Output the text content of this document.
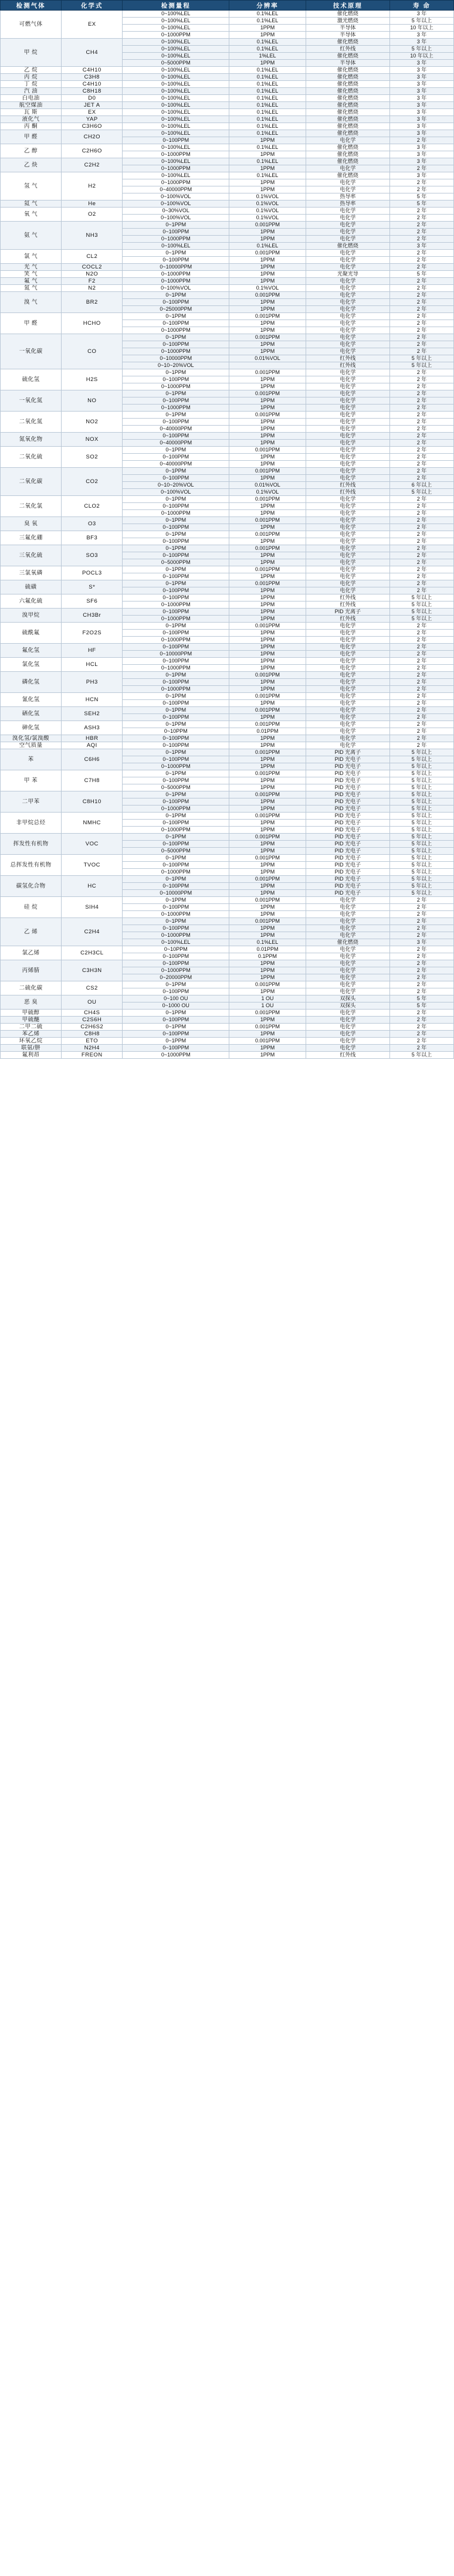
检测气体	化学式	检测量程	分辨率	技术原理	寿 命
可燃气体	EX	0~100%LEL	0.1%LEL	催化燃烧	3 年
		0~100%LEL	0.1%LEL	激光燃烧	5 年以上
		0~100%LEL	1PPM	半导体	10 年以上
		0~1000PPM	1PPM	半导体	3 年
甲 烷	CH4	0~100%LEL	0.1%LEL	催化燃烧	3 年
		0~100%LEL	0.1%LEL	红外线	5 年以上
		0~100%LEL	1%LEL	催化燃烧	10 年以上
		0~5000PPM	1PPM	半导体	3 年
乙 烷	C4H10	0~100%LEL	0.1%LEL	催化燃烧	3 年
丙 烷	C3H8	0~100%LEL	0.1%LEL	催化燃烧	3 年
丁 烷	C4H10	0~100%LEL	0.1%LEL	催化燃烧	3 年
汽 油	C8H18	0~100%LEL	0.1%LEL	催化燃烧	3 年
白电油	D0	0~100%LEL	0.1%LEL	催化燃烧	3 年
航空煤油	JET A	0~100%LEL	0.1%LEL	催化燃烧	3 年
瓦 斯	EX	0~100%LEL	0.1%LEL	催化燃烧	3 年
液化气	YAP	0~100%LEL	0.1%LEL	催化燃烧	3 年
丙 酮	C3H6O	0~100%LEL	0.1%LEL	催化燃烧	3 年
甲 醛	CH2O	0~100%LEL	0.1%LEL	催化燃烧	3 年
		0~100PPM	1PPM	电化学	2 年
乙 醇	C2H6O	0~100%LEL	0.1%LEL	催化燃烧	3 年
		0~1000PPM	1PPM	催化燃烧	3 年
乙 炔	C2H2	0~100%LEL	0.1%LEL	催化燃烧	3 年
		0~1000PPM	1PPM	电化学	2 年
氢 气	H2	0~100%LEL	0.1%LEL	催化燃烧	3 年
		0~1000PPM	1PPM	电化学	2 年
		0~40000PPM	1PPM	电化学	2 年
		0~100%VOL	0.1%VOL	热导率	5 年
氦 气	He	0~100%VOL	0.1%VOL	热导率	5 年
氧 气	O2	0~30%VOL	0.1%VOL	电化学	2 年
		0~100%VOL	0.1%VOL	电化学	2 年
氨 气	NH3	0~1PPM	0.001PPM	电化学	2 年
		0~100PPM	1PPM	电化学	2 年
		0~1000PPM	1PPM	电化学	2 年
		0~100%LEL	0.1%LEL	催化燃烧	3 年
氯 气	CL2	0~1PPM	0.001PPM	电化学	2 年
		0~100PPM	1PPM	电化学	2 年
光 气	COCL2	0~10000PPM	1PPM	电化学	2 年
笑 气	N2O	0~1000PPM	1PPM	光聚光导	5 年
氟 气	F2	0~1000PPM	1PPM	电化学	2 年
氮 气	N2	0~100%VOL	0.1%VOL	电化学	2 年
溴 气	BR2	0~1PPM	0.001PPM	电化学	2 年
		0~100PPM	1PPM	电化学	2 年
		0~25000PPM	1PPM	电化学	2 年
甲 醛	HCHO	0~1PPM	0.001PPM	电化学	2 年
		0~100PPM	1PPM	电化学	2 年
		0~1000PPM	1PPM	电化学	2 年
一氧化碳	CO	0~1PPM	0.001PPM	电化学	2 年
		0~100PPM	1PPM	电化学	2 年
		0~1000PPM	1PPM	电化学	2 年
		0~10000PPM	0.01%VOL	红外线	5 年以上
		0~10~20%VOL		红外线	5 年以上
硫化氢	H2S	0~1PPM	0.001PPM	电化学	2 年
		0~100PPM	1PPM	电化学	2 年
		0~1000PPM	1PPM	电化学	2 年
一氧化氮	NO	0~1PPM	0.001PPM	电化学	2 年
		0~100PPM	1PPM	电化学	2 年
		0~1000PPM	1PPM	电化学	2 年
二氧化氮	NO2	0~1PPM	0.001PPM	电化学	2 年
		0~100PPM	1PPM	电化学	2 年
		0~40000PPM	1PPM	电化学	2 年
氮氧化物	NOX	0~100PPM	1PPM	电化学	2 年
		0~40000PPM	1PPM	电化学	2 年
二氧化硫	SO2	0~1PPM	0.001PPM	电化学	2 年
		0~100PPM	1PPM	电化学	2 年
		0~40000PPM	1PPM	电化学	2 年
二氧化碳	CO2	0~1PPM	0.001PPM	电化学	2 年
		0~100PPM	1PPM	电化学	2 年
		0~10~20%VOL	0.01%VOL	红外线	6 年以上
		0~100%VOL	0.1%VOL	红外线	5 年以上
二氧化氯	CLO2	0~1PPM	0.001PPM	电化学	2 年
		0~100PPM	1PPM	电化学	2 年
		0~1000PPM	1PPM	电化学	2 年
臭 氧	O3	0~1PPM	0.001PPM	电化学	2 年
		0~100PPM	1PPM	电化学	2 年
三氟化硼	BF3	0~1PPM	0.001PPM	电化学	2 年
		0~100PPM	1PPM	电化学	2 年
三氧化硫	SO3	0~1PPM	0.001PPM	电化学	2 年
		0~100PPM	1PPM	电化学	2 年
		0~5000PPM	1PPM	电化学	2 年
三氯氧磷	POCL3	0~1PPM	0.001PPM	电化学	2 年
		0~100PPM	1PPM	电化学	2 年
硫磺	S*	0~1PPM	0.001PPM	电化学	2 年
		0~100PPM	1PPM	电化学	2 年
六氟化硫	SF6	0~100PPM	1PPM	红外线	5 年以上
		0~1000PPM	1PPM	红外线	5 年以上
溴甲烷	CH3Br	0~100PPM	1PPM	PID 光离子	5 年以上
		0~1000PPM	1PPM	红外线	5 年以上
硫酰氟	F2O2S	0~1PPM	0.001PPM	电化学	2 年
		0~100PPM	1PPM	电化学	2 年
		0~1000PPM	1PPM	电化学	2 年
氟化氢	HF	0~100PPM	1PPM	电化学	2 年
		0~10000PPM	1PPM	电化学	2 年
氯化氢	HCL	0~100PPM	1PPM	电化学	2 年
		0~1000PPM	1PPM	电化学	2 年
磷化氢	PH3	0~1PPM	0.001PPM	电化学	2 年
		0~100PPM	1PPM	电化学	2 年
		0~1000PPM	1PPM	电化学	2 年
氰化氢	HCN	0~1PPM	0.001PPM	电化学	2 年
		0~100PPM	1PPM	电化学	2 年
硒化氢	SEH2	0~1PPM	0.001PPM	电化学	2 年
		0~100PPM	1PPM	电化学	2 年
砷化氢	ASH3	0~1PPM	0.001PPM	电化学	2 年
		0~10PPM	0.01PPM	电化学	2 年
溴化氢/氯溴酸	HBR	0~100PPM	1PPM	电化学	2 年
空气质量	AQI	0~100PPM	1PPM	电化学	2 年
苯	C6H6	0~1PPM	0.001PPM	PID 光离子	5 年以上
		0~100PPM	1PPM	PID 光电子	5 年以上
		0~1000PPM	1PPM	PID 光电子	5 年以上
甲 苯	C7H8	0~1PPM	0.001PPM	PID 光电子	5 年以上
		0~100PPM	1PPM	PID 光电子	5 年以上
		0~5000PPM	1PPM	PID 光电子	5 年以上
二甲苯	C8H10	0~1PPM	0.001PPM	PID 光电子	5 年以上
		0~100PPM	1PPM	PID 光电子	5 年以上
		0~1000PPM	1PPM	PID 光电子	5 年以上
非甲烷总烃	NMHC	0~1PPM	0.001PPM	PID 光电子	5 年以上
		0~100PPM	1PPM	PID 光电子	5 年以上
		0~1000PPM	1PPM	PID 光电子	5 年以上
挥发性有机物	VOC	0~1PPM	0.001PPM	PID 光电子	5 年以上
		0~100PPM	1PPM	PID 光电子	5 年以上
		0~5000PPM	1PPM	PID 光电子	5 年以上
总挥发性有机物	TVOC	0~1PPM	0.001PPM	PID 光电子	5 年以上
		0~100PPM	1PPM	PID 光电子	5 年以上
		0~1000PPM	1PPM	PID 光电子	5 年以上
碳氢化合物	HC	0~1PPM	0.001PPM	PID 光电子	5 年以上
		0~100PPM	1PPM	PID 光电子	5 年以上
		0~10000PPM	1PPM	PID 光电子	5 年以上
硅 烷	SIH4	0~1PPM	0.001PPM	电化学	2 年
		0~100PPM	1PPM	电化学	2 年
		0~1000PPM	1PPM	电化学	2 年
乙 烯	C2H4	0~1PPM	0.001PPM	电化学	2 年
		0~100PPM	1PPM	电化学	2 年
		0~1000PPM	1PPM	电化学	2 年
		0~100%LEL	0.1%LEL	催化燃烧	3 年
氯乙烯	C2H3CL	0~10PPM	0.01PPM	电化学	2 年
		0~100PPM	0.1PPM	电化学	2 年
丙烯腈	C3H3N	0~100PPM	1PPM	电化学	2 年
		0~1000PPM	1PPM	电化学	2 年
		0~20000PPM	1PPM	电化学	2 年
二硫化碳	CS2	0~1PPM	0.001PPM	电化学	2 年
		0~100PPM	1PPM	电化学	2 年
恶 臭	OU	0~100 OU	1 OU	双探头	5 年
		0~1000 OU	1 OU	双探头	5 年
甲硫醇	CH4S	0~1PPM	0.001PPM	电化学	2 年
甲硫醚	C2S6H	0~100PPM	1PPM	电化学	2 年
二甲二硫	C2H6S2	0~1PPM	0.001PPM	电化学	2 年
苯乙烯	C8H8	0~100PPM	1PPM	电化学	2 年
环氧乙烷	ETO	0~1PPM	0.001PPM	电化学	2 年
联氨/肼	N2H4	0~100PPM	1PPM	电化学	2 年
氟利昂	FREON	0~1000PPM	1PPM	红外线	5 年以上
